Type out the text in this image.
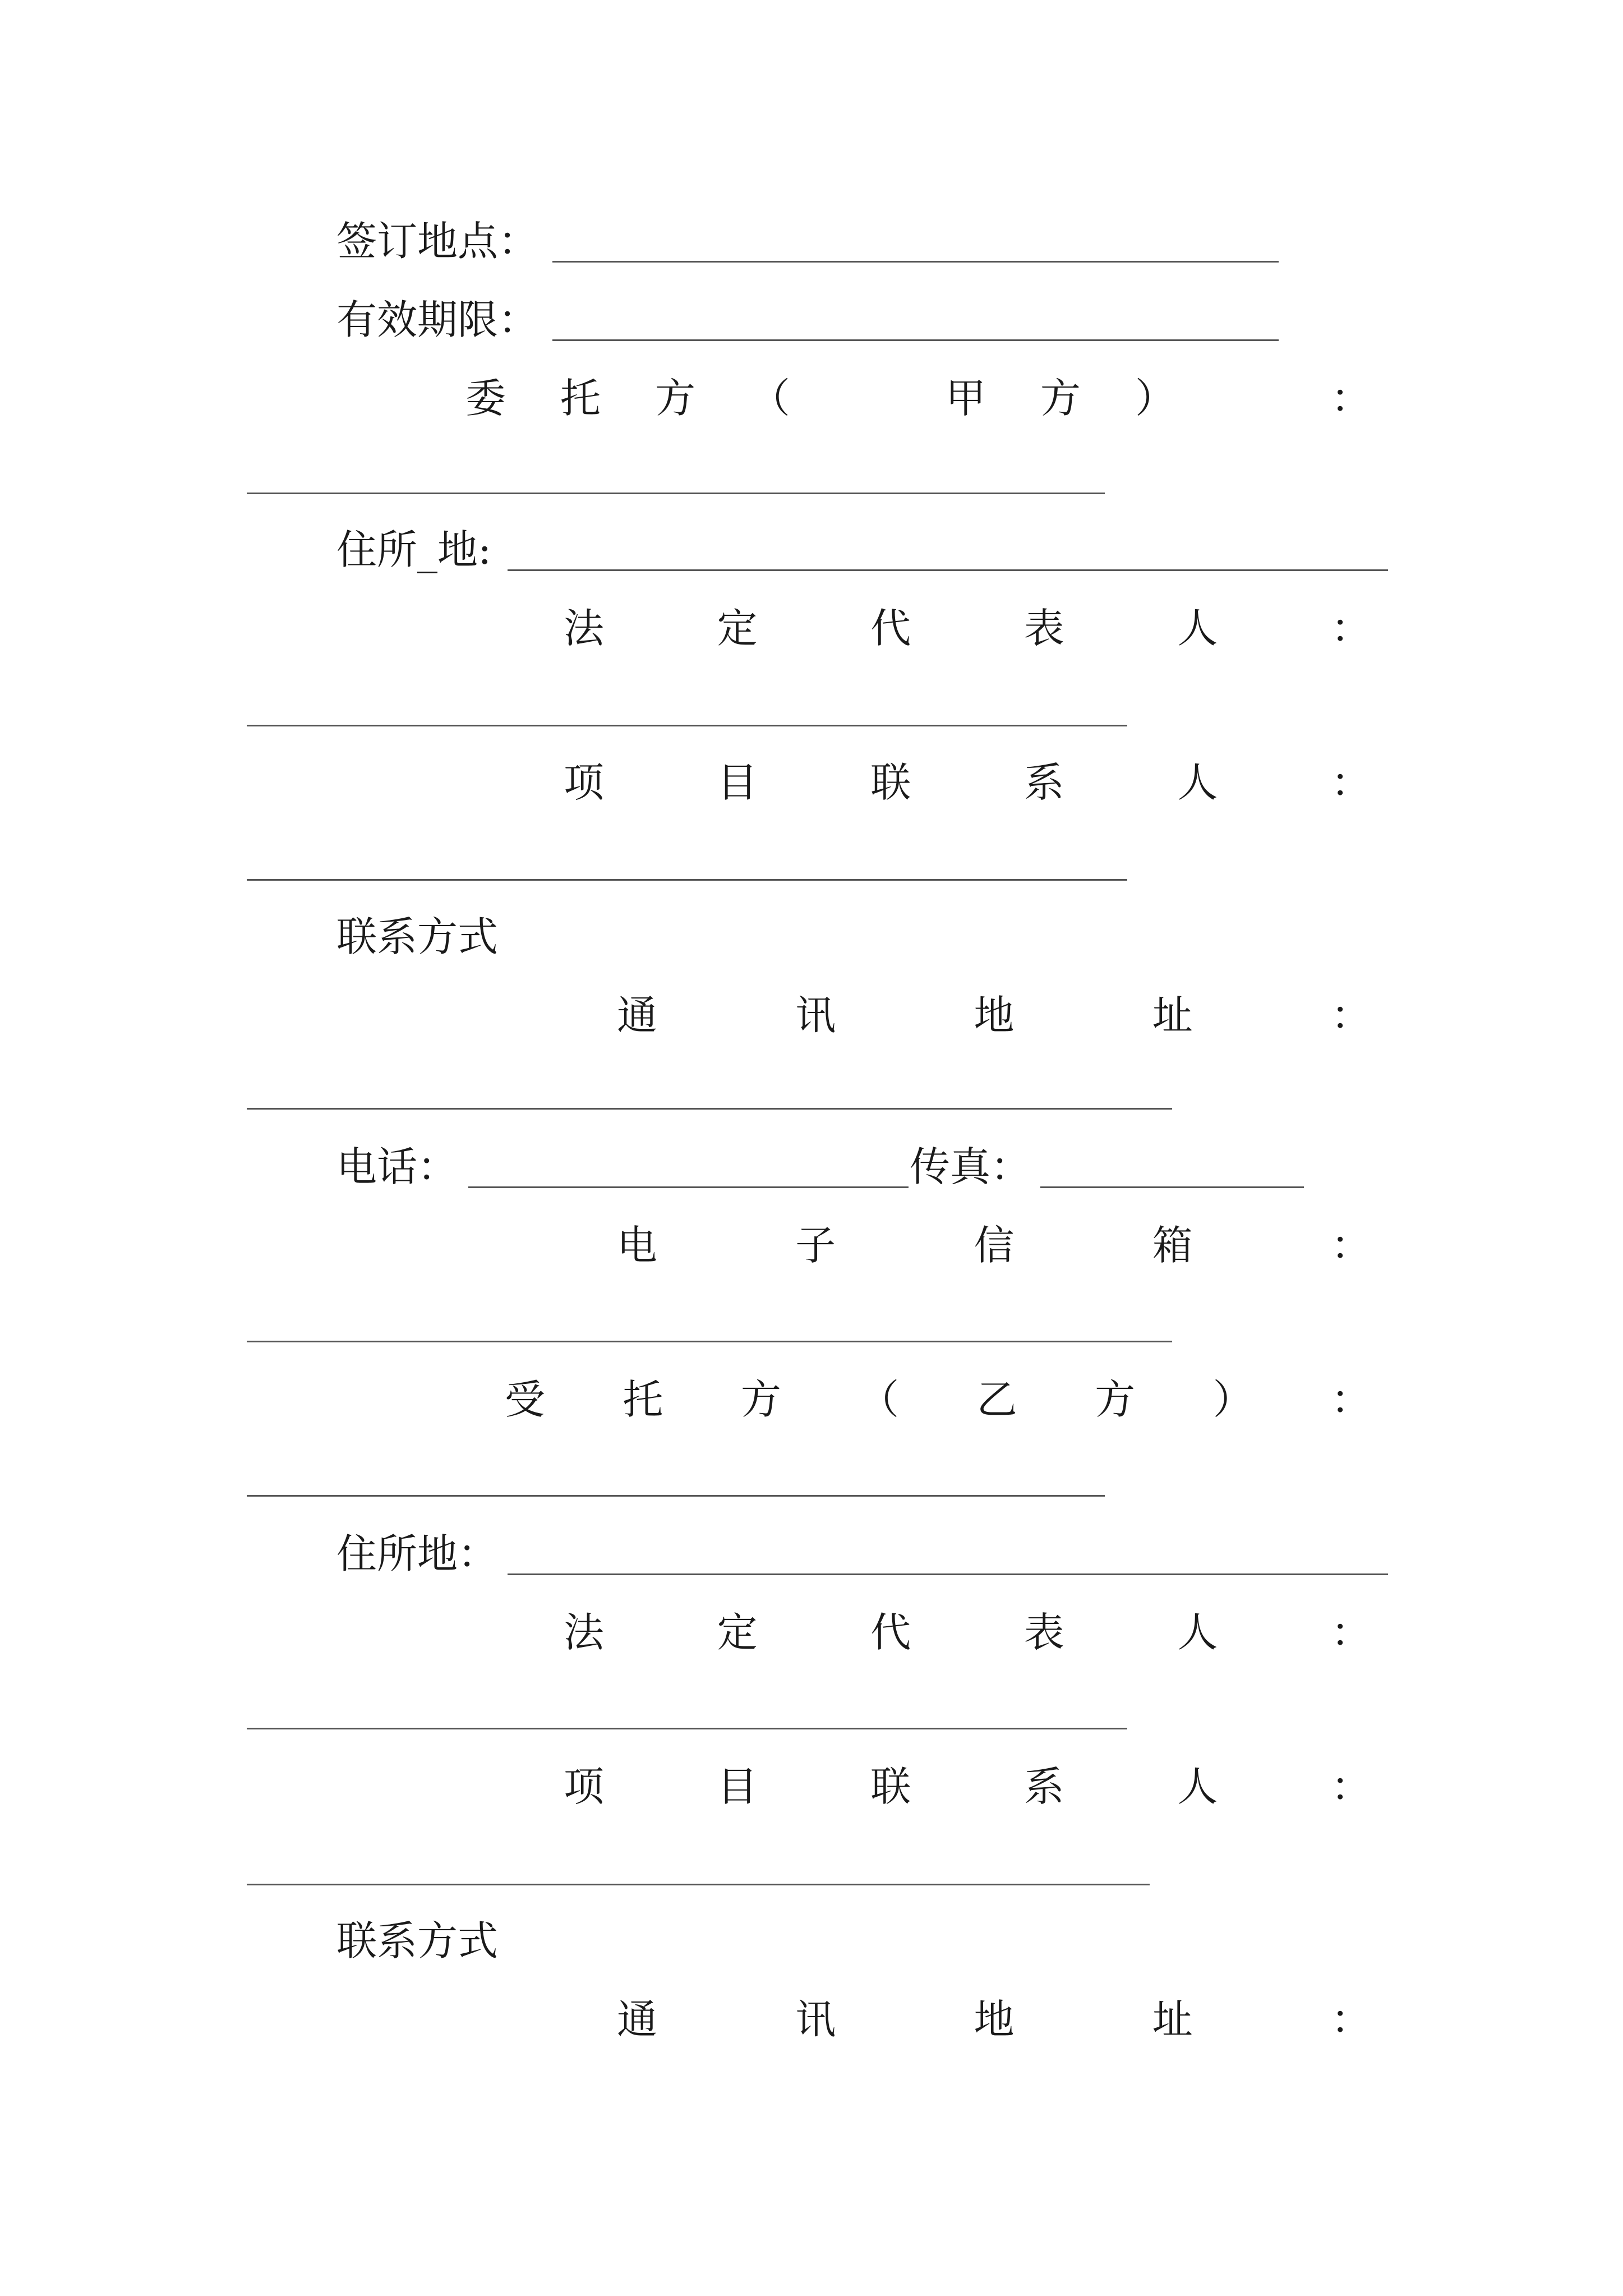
签订地点：
有效期限：
委 托 方 （	甲 方 ）	：
住所_地:
法	定	代	表	人	：
项	目	联	系	人	：
联系方式
通	讯	地	址	：
电话：	传真：
电	子	信	箱	：
受 托 方 （ 乙 方 ） ：
住所地：
法	定	代	表	人	：
项	目	联	系	人	：
联系方式
通	讯	地	址	：
